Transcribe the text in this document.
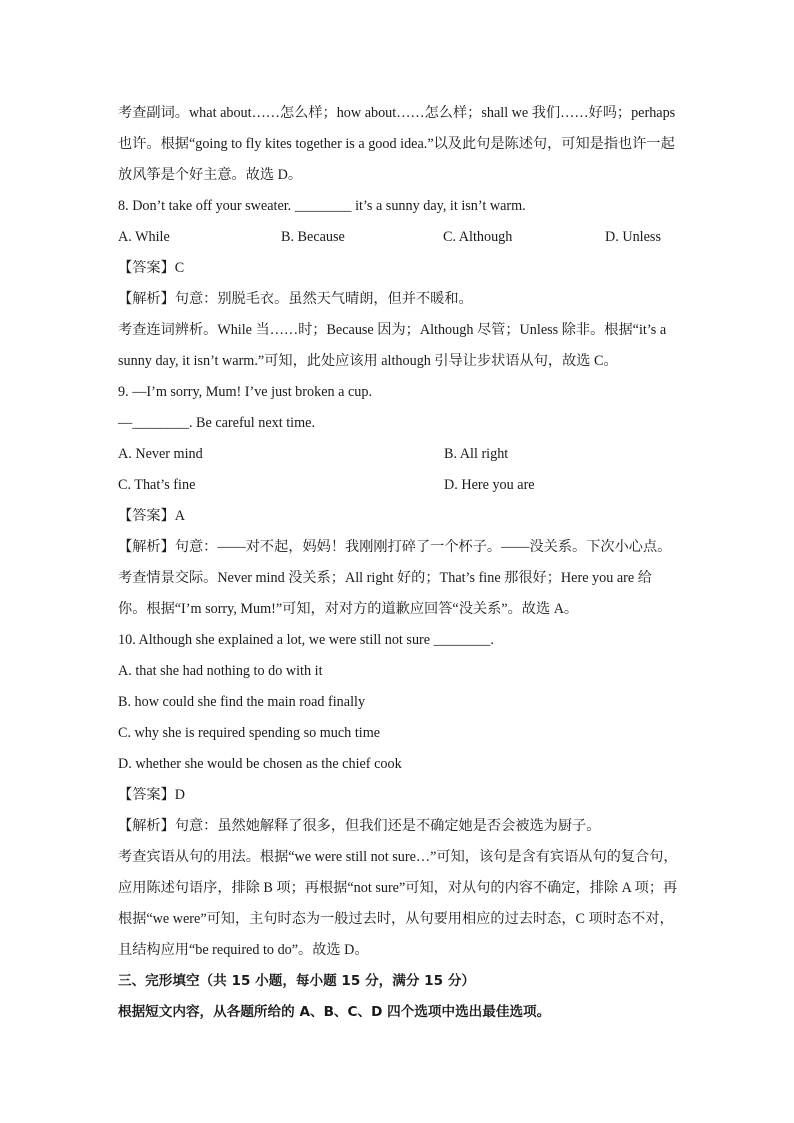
考查副词。what about……怎么样；how about……怎么样；shall we 我们……好吗；perhaps

也许。根据“going to fly kites together is a good idea.”以及此句是陈述句，可知是指也许一起

放风筝是个好主意。故选 D。

8. Don’t take off your sweater. ________ it’s a sunny day, it isn’t warm.

A. While	B. Because	C. Although	D. Unless

【答案】C

【解析】句意：别脱毛衣。虽然天气晴朗，但并不暖和。

考查连词辨析。While 当……时；Because 因为；Although 尽管；Unless 除非。根据“it’s a

sunny day, it isn’t warm.”可知，此处应该用 although 引导让步状语从句，故选 C。

9. —I’m sorry, Mum! I’ve just broken a cup.

—________. Be careful next time.

A. Never mind	B. All right
C. That’s fine	D. Here you are

【答案】A

【解析】句意：——对不起，妈妈！我刚刚打碎了一个杯子。——没关系。下次小心点。

考查情景交际。Never mind 没关系；All right 好的；That’s fine 那很好；Here you are 给

你。根据“I’m sorry, Mum!”可知，对对方的道歉应回答“没关系”。故选 A。

10. Although she explained a lot, we were still not sure ________.

A. that she had nothing to do with it

B. how could she find the main road finally

C. why she is required spending so much time

D. whether she would be chosen as the chief cook

【答案】D

【解析】句意：虽然她解释了很多，但我们还是不确定她是否会被选为厨子。

考查宾语从句的用法。根据“we were still not sure…”可知，该句是含有宾语从句的复合句，

应用陈述句语序，排除 B 项；再根据“not sure”可知，对从句的内容不确定，排除 A 项；再

根据“we were”可知，主句时态为一般过去时，从句要用相应的过去时态，C 项时态不对，

且结构应用“be required to do”。故选 D。

三、完形填空（共 15 小题，每小题 15 分，满分 15 分）

根据短文内容，从各题所给的 A、B、C、D 四个选项中选出最佳选项。
